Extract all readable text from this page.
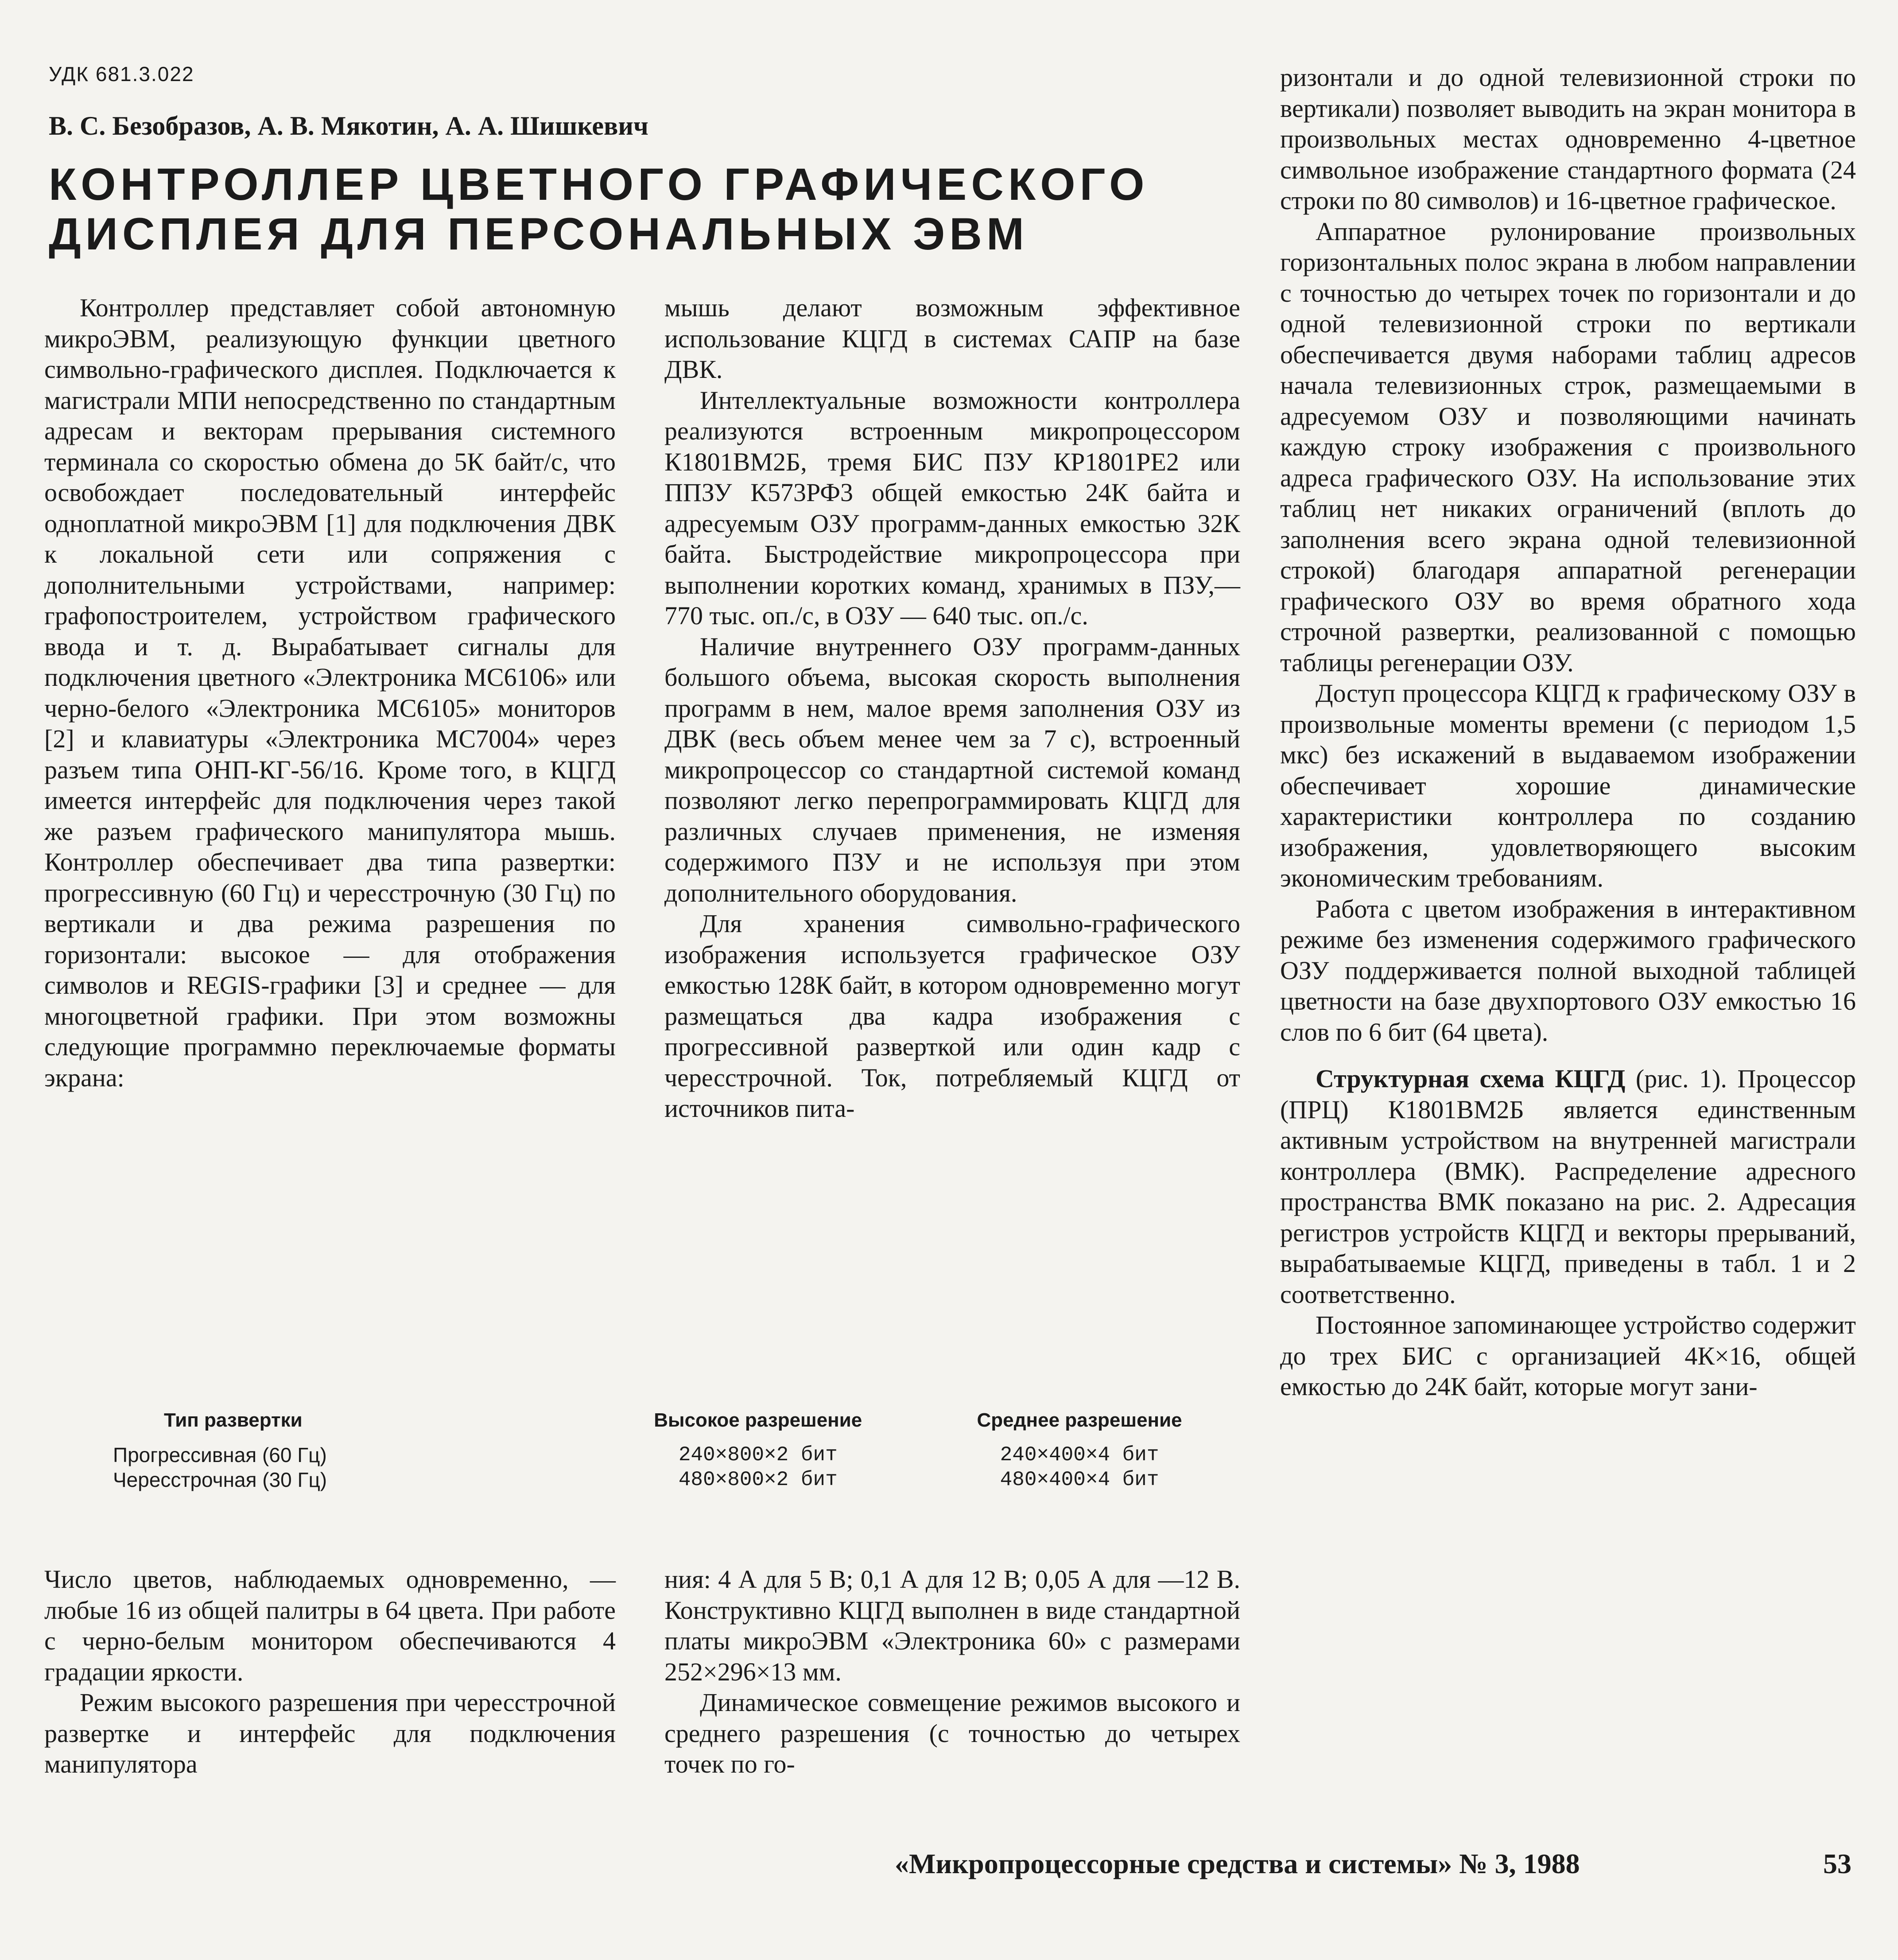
УДК 681.3.022
В. С. Безобразов, А. В. Мякотин, А. А. Шишкевич
КОНТРОЛЛЕР ЦВЕТНОГО ГРАФИЧЕСКОГО
ДИСПЛЕЯ ДЛЯ ПЕРСОНАЛЬНЫХ ЭВМ

Контроллер представляет собой автономную микроЭВМ, реализующую функции цветного символьно-графического дисплея. Подключается к магистрали МПИ непосредственно по стандартным адресам и векторам прерывания системного терминала со скоростью обмена до 5К байт/с, что освобождает последовательный интерфейс одноплатной микроЭВМ [1] для подключения ДВК к локальной сети или сопряжения с дополнительными устройствами, например: графопостроителем, устройством графического ввода и т. д. Вырабатывает сигналы для подключения цветного «Электроника МС6106» или черно-белого «Электроника МС6105» мониторов [2] и клавиатуры «Электроника МС7004» через разъем типа ОНП-КГ-56/16. Кроме того, в КЦГД имеется интерфейс для подключения через такой же разъем графического манипулятора мышь. Контроллер обеспечивает два типа развертки: прогрессивную (60 Гц) и чересстрочную (30 Гц) по вертикали и два режима разрешения по горизонтали: высокое — для отображения символов и REGIS-графики [3] и среднее — для многоцветной графики. При этом возможны следующие программно переключаемые форматы экрана:

мышь делают возможным эффективное использование КЦГД в системах САПР на базе ДВК.

Интеллектуальные возможности контроллера реализуются встроенным микропроцессором К1801ВМ2Б, тремя БИС ПЗУ КР1801РЕ2 или ППЗУ К573РФ3 общей емкостью 24К байта и адресуемым ОЗУ программ-данных емкостью 32К байта. Быстродействие микропроцессора при выполнении коротких команд, хранимых в ПЗУ,— 770 тыс. оп./с, в ОЗУ — 640 тыс. оп./с.

Наличие внутреннего ОЗУ программ-данных большого объема, высокая скорость выполнения программ в нем, малое время заполнения ОЗУ из ДВК (весь объем менее чем за 7 с), встроенный микропроцессор со стандартной системой команд позволяют легко перепрограммировать КЦГД для различных случаев применения, не изменяя содержимого ПЗУ и не используя при этом дополнительного оборудования.

Для хранения символьно-графического изображения используется графическое ОЗУ емкостью 128К байт, в котором одновременно могут размещаться два кадра изображения с прогрессивной разверткой или один кадр с чересстрочной. Ток, потребляемый КЦГД от источников пита-

ризонтали и до одной телевизионной строки по вертикали) позволяет выводить на экран монитора в произвольных местах одновременно 4-цветное символьное изображение стандартного формата (24 строки по 80 символов) и 16-цветное графическое.

Аппаратное рулонирование произвольных горизонтальных полос экрана в любом направлении с точностью до четырех точек по горизонтали и до одной телевизионной строки по вертикали обеспечивается двумя наборами таблиц адресов начала телевизионных строк, размещаемыми в адресуемом ОЗУ и позволяющими начинать каждую строку изображения с произвольного адреса графического ОЗУ. На использование этих таблиц нет никаких ограничений (вплоть до заполнения всего экрана одной телевизионной строкой) благодаря аппаратной регенерации графического ОЗУ во время обратного хода строчной развертки, реализованной с помощью таблицы регенерации ОЗУ.

Доступ процессора КЦГД к графическому ОЗУ в произвольные моменты времени (с периодом 1,5 мкс) без искажений в выдаваемом изображении обеспечивает хорошие динамические характеристики контроллера по созданию изображения, удовлетворяющего высоким экономическим требованиям.

Работа с цветом изображения в интерактивном режиме без изменения содержимого графического ОЗУ поддерживается полной выходной таблицей цветности на базе двухпортового ОЗУ емкостью 16 слов по 6 бит (64 цвета).

Структурная схема КЦГД (рис. 1). Процессор (ПРЦ) К1801ВМ2Б является единственным активным устройством на внутренней магистрали контроллера (ВМК). Распределение адресного пространства ВМК показано на рис. 2. Адресация регистров устройств КЦГД и векторы прерываний, вырабатываемые КЦГД, приведены в табл. 1 и 2 соответственно.

Постоянное запоминающее устройство содержит до трех БИС с организацией 4К×16, общей емкостью до 24К байт, которые могут зани-

Тип развертки	Высокое разрешение	Среднее разрешение
Прогрессивная (60 Гц)	240×800×2 бит	240×400×4 бит
Чересстрочная (30 Гц)	480×800×2 бит	480×400×4 бит

Число цветов, наблюдаемых одновременно, — любые 16 из общей палитры в 64 цвета. При работе с черно-белым монитором обеспечиваются 4 градации яркости.

Режим высокого разрешения при чересстрочной развертке и интерфейс для подключения манипулятора

ния: 4 А для 5 В; 0,1 А для 12 В; 0,05 А для —12 В. Конструктивно КЦГД выполнен в виде стандартной платы микроЭВМ «Электроника 60» с размерами 252×296×13 мм.

Динамическое совмещение режимов высокого и среднего разрешения (с точностью до четырех точек по го-

«Микропроцессорные средства и системы» № 3, 1988	53
